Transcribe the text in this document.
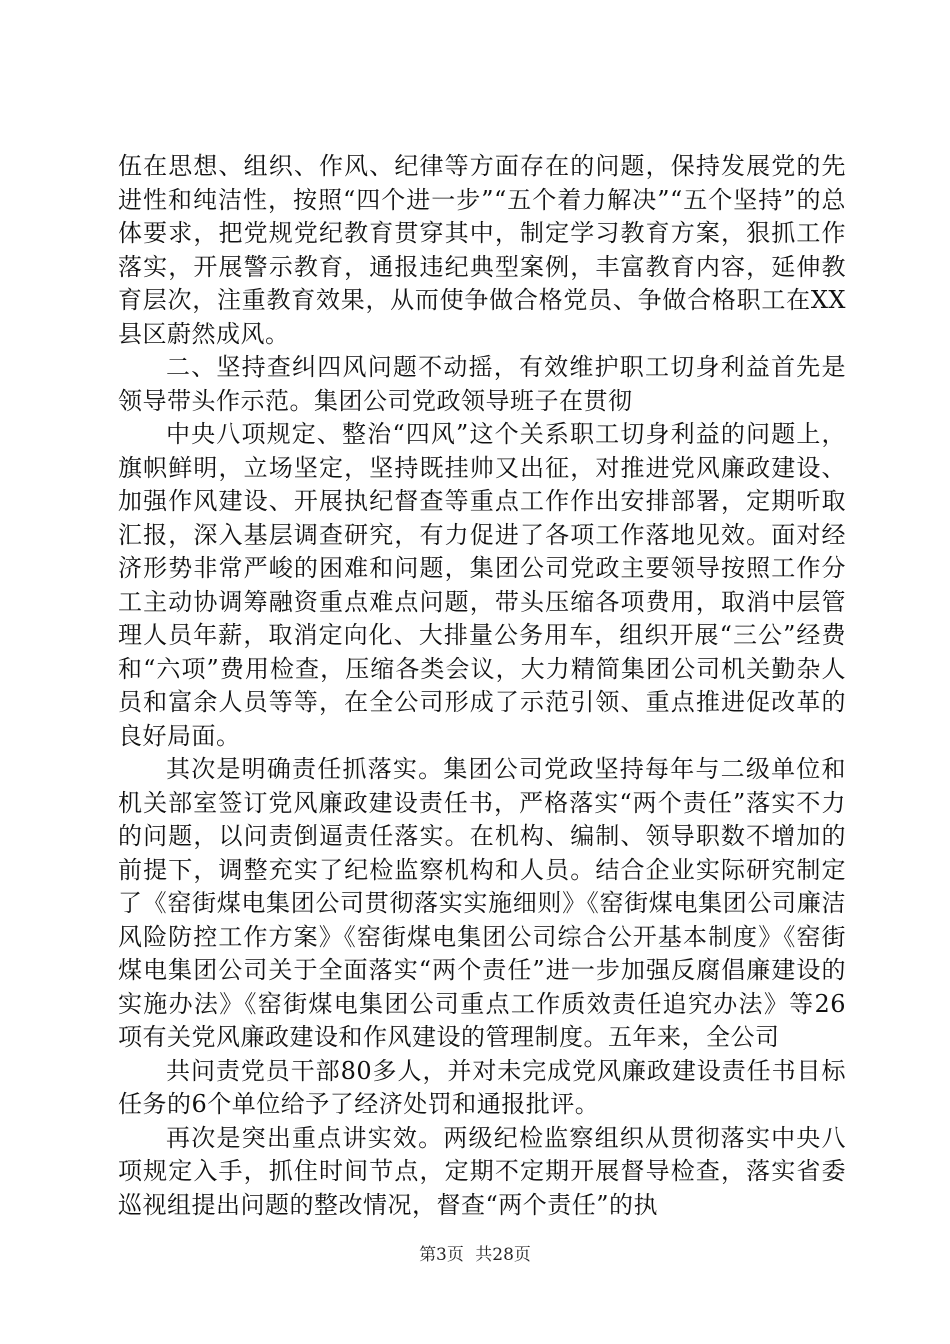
伍在思想、组织、作风、纪律等方面存在的问题，保持发展党的先进性和纯洁性，按照“四个进一步”“五个着力解决”“五个坚持”的总体要求，把党规党纪教育贯穿其中，制定学习教育方案，狠抓工作落实，开展警示教育，通报违纪典型案例，丰富教育内容，延伸教育层次，注重教育效果，从而使争做合格党员、争做合格职工在XX县区蔚然成风。

二、坚持查纠四风问题不动摇，有效维护职工切身利益首先是领导带头作示范。集团公司党政领导班子在贯彻

中央八项规定、整治“四风”这个关系职工切身利益的问题上，旗帜鲜明，立场坚定，坚持既挂帅又出征，对推进党风廉政建设、加强作风建设、开展执纪督查等重点工作作出安排部署，定期听取汇报，深入基层调查研究，有力促进了各项工作落地见效。面对经济形势非常严峻的困难和问题，集团公司党政主要领导按照工作分工主动协调筹融资重点难点问题，带头压缩各项费用，取消中层管理人员年薪，取消定向化、大排量公务用车，组织开展“三公”经费和“六项”费用检查，压缩各类会议，大力精简集团公司机关勤杂人员和富余人员等等，在全公司形成了示范引领、重点推进促改革的良好局面。

其次是明确责任抓落实。集团公司党政坚持每年与二级单位和机关部室签订党风廉政建设责任书，严格落实“两个责任”落实不力的问题，以问责倒逼责任落实。在机构、编制、领导职数不增加的前提下，调整充实了纪检监察机构和人员。结合企业实际研究制定了《窑街煤电集团公司贯彻落实实施细则》《窑街煤电集团公司廉洁风险防控工作方案》《窑街煤电集团公司综合公开基本制度》《窑街煤电集团公司关于全面落实“两个责任”进一步加强反腐倡廉建设的实施办法》《窑街煤电集团公司重点工作质效责任追究办法》等26项有关党风廉政建设和作风建设的管理制度。五年来，全公司

共问责党员干部80多人，并对未完成党风廉政建设责任书目标任务的6个单位给予了经济处罚和通报批评。

再次是突出重点讲实效。两级纪检监察组织从贯彻落实中央八项规定入手，抓住时间节点，定期不定期开展督导检查，落实省委巡视组提出问题的整改情况，督查“两个责任”的执

第3页 共28页
